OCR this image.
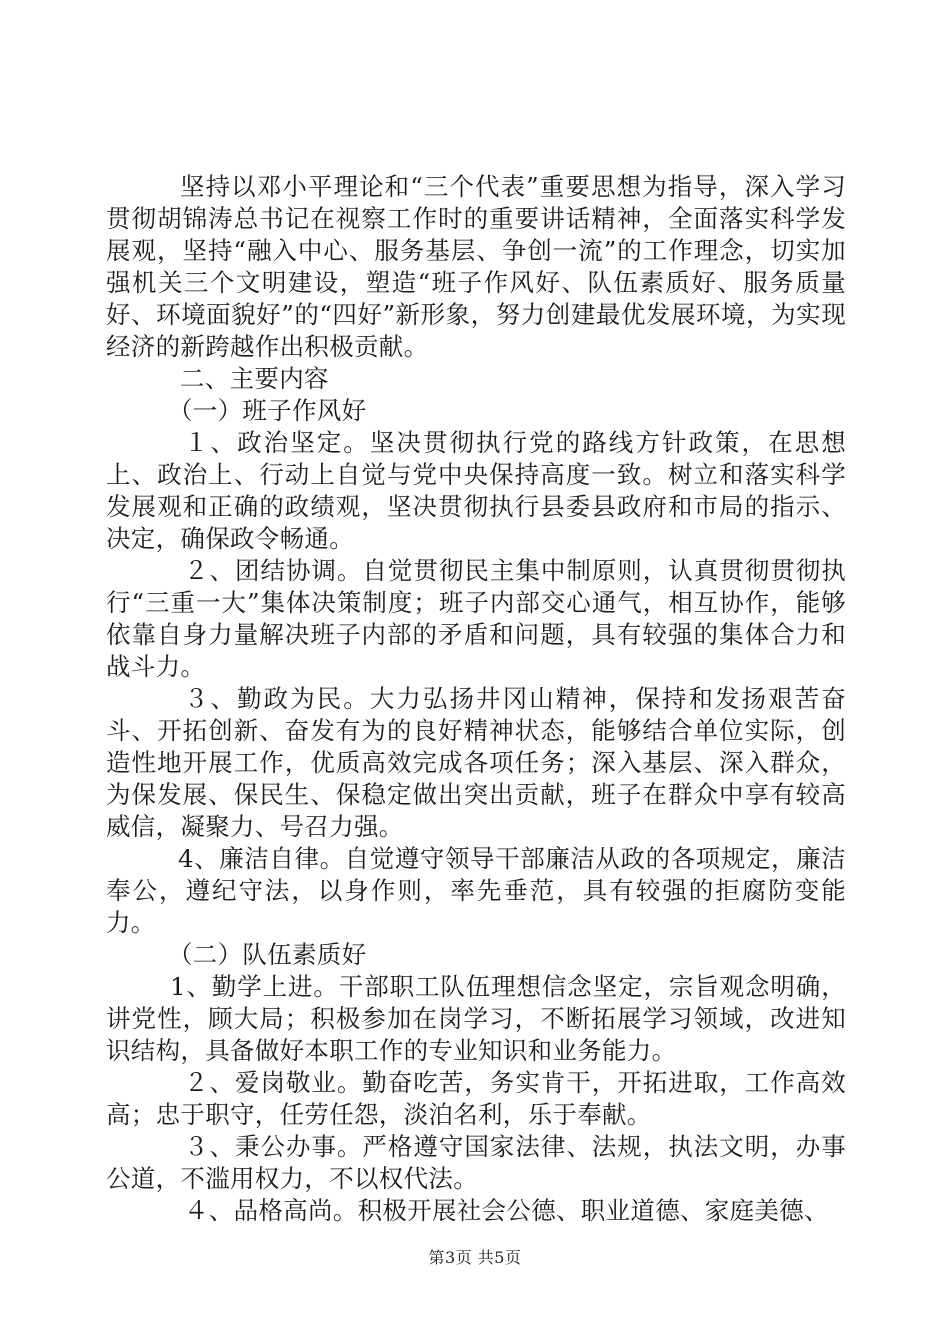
坚持以邓小平理论和“三个代表”重要思想为指导，深入学习贯彻胡锦涛总书记在视察工作时的重要讲话精神，全面落实科学发展观，坚持“融入中心、服务基层、争创一流”的工作理念，切实加强机关三个文明建设，塑造“班子作风好、队伍素质好、服务质量好、环境面貌好”的“四好”新形象，努力创建最优发展环境，为实现经济的新跨越作出积极贡献。

二、主要内容

（一）班子作风好

１、政治坚定。坚决贯彻执行党的路线方针政策，在思想上、政治上、行动上自觉与党中央保持高度一致。树立和落实科学发展观和正确的政绩观，坚决贯彻执行县委县政府和市局的指示、决定，确保政令畅通。

２、团结协调。自觉贯彻民主集中制原则，认真贯彻贯彻执行“三重一大”集体决策制度；班子内部交心通气，相互协作，能够依靠自身力量解决班子内部的矛盾和问题，具有较强的集体合力和战斗力。

３、勤政为民。大力弘扬井冈山精神，保持和发扬艰苦奋斗、开拓创新、奋发有为的良好精神状态，能够结合单位实际，创造性地开展工作，优质高效完成各项任务；深入基层、深入群众，为保发展、保民生、保稳定做出突出贡献，班子在群众中享有较高威信，凝聚力、号召力强。

4、廉洁自律。自觉遵守领导干部廉洁从政的各项规定，廉洁奉公，遵纪守法，以身作则，率先垂范，具有较强的拒腐防变能力。

（二）队伍素质好

1、勤学上进。干部职工队伍理想信念坚定，宗旨观念明确，讲党性，顾大局；积极参加在岗学习，不断拓展学习领域，改进知识结构，具备做好本职工作的专业知识和业务能力。

２、爱岗敬业。勤奋吃苦，务实肯干，开拓进取，工作高效高；忠于职守，任劳任怨，淡泊名利，乐于奉献。

３、秉公办事。严格遵守国家法律、法规，执法文明，办事公道，不滥用权力，不以权代法。

４、品格高尚。积极开展社会公德、职业道德、家庭美德、

第3页 共5页
